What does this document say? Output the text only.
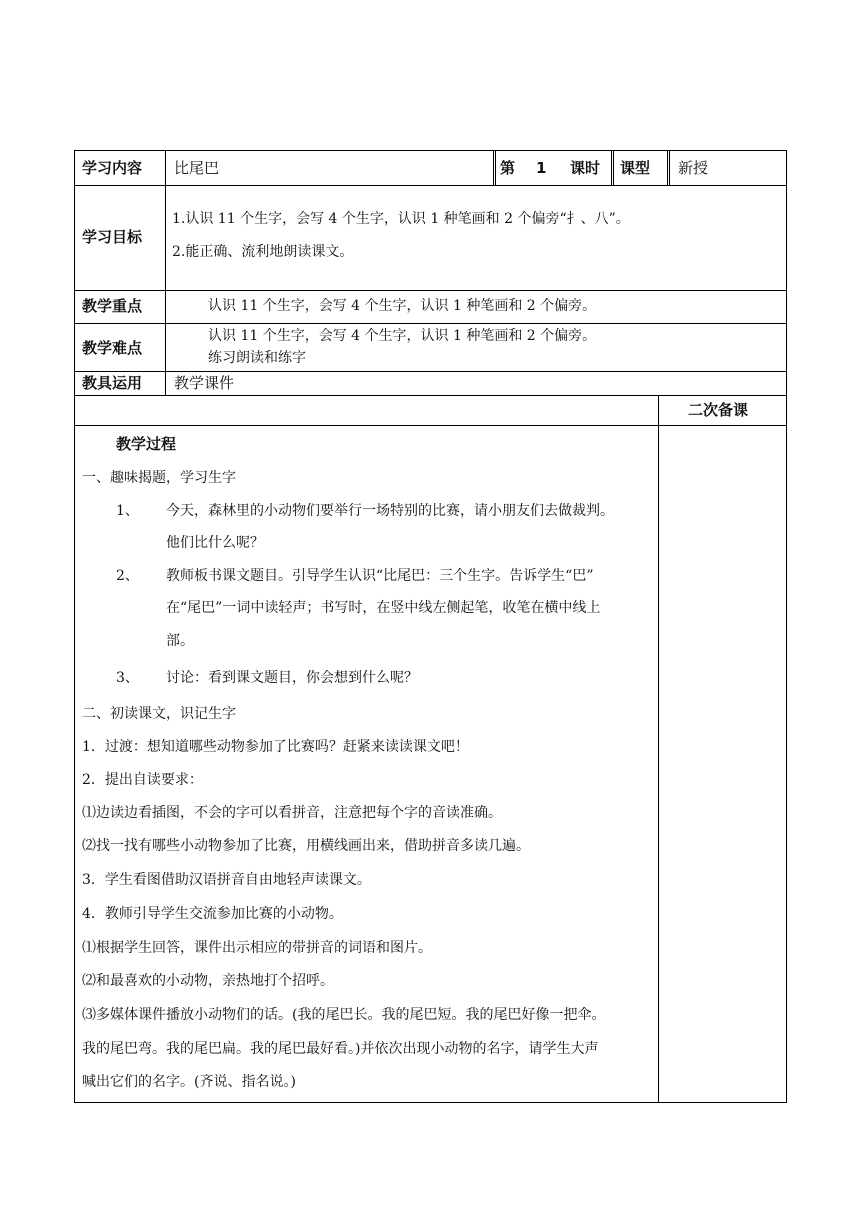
学习内容 比尾巴	第 1 课时 课型 新授
学习目标
1.认识 11 个生字，会写 4 个生字，认识 1 种笔画和 2 个偏旁“扌、八”。
2.能正确、流利地朗读课文。
教学重点	认识 11 个生字，会写 4 个生字，认识 1 种笔画和 2 个偏旁。
教学难点
认识 11 个生字，会写 4 个生字，认识 1 种笔画和 2 个偏旁。
练习朗读和练字
教具运用 教学课件
二次备课
教学过程
一、趣味揭题，学习生字
1、 今天，森林里的小动物们要举行一场特别的比赛，请小朋友们去做裁判。
他们比什么呢？
2、 教师板书课文题目。引导学生认识“比尾巴：三个生字。告诉学生“巴”
在“尾巴”一词中读轻声；书写时，在竖中线左侧起笔，收笔在横中线上
部。
3、 讨论：看到课文题目，你会想到什么呢？
二、初读课文，识记生字
1．过渡：想知道哪些动物参加了比赛吗？赶紧来读读课文吧！
2．提出自读要求：
⑴边读边看插图，不会的字可以看拼音，注意把每个字的音读准确。
⑵找一找有哪些小动物参加了比赛，用横线画出来，借助拼音多读几遍。
3．学生看图借助汉语拼音自由地轻声读课文。
4．教师引导学生交流参加比赛的小动物。
⑴根据学生回答，课件出示相应的带拼音的词语和图片。
⑵和最喜欢的小动物，亲热地打个招呼。
⑶多媒体课件播放小动物们的话。(我的尾巴长。我的尾巴短。我的尾巴好像一把伞。
我的尾巴弯。我的尾巴扁。我的尾巴最好看。)并依次出现小动物的名字，请学生大声
喊出它们的名字。(齐说、指名说。)
